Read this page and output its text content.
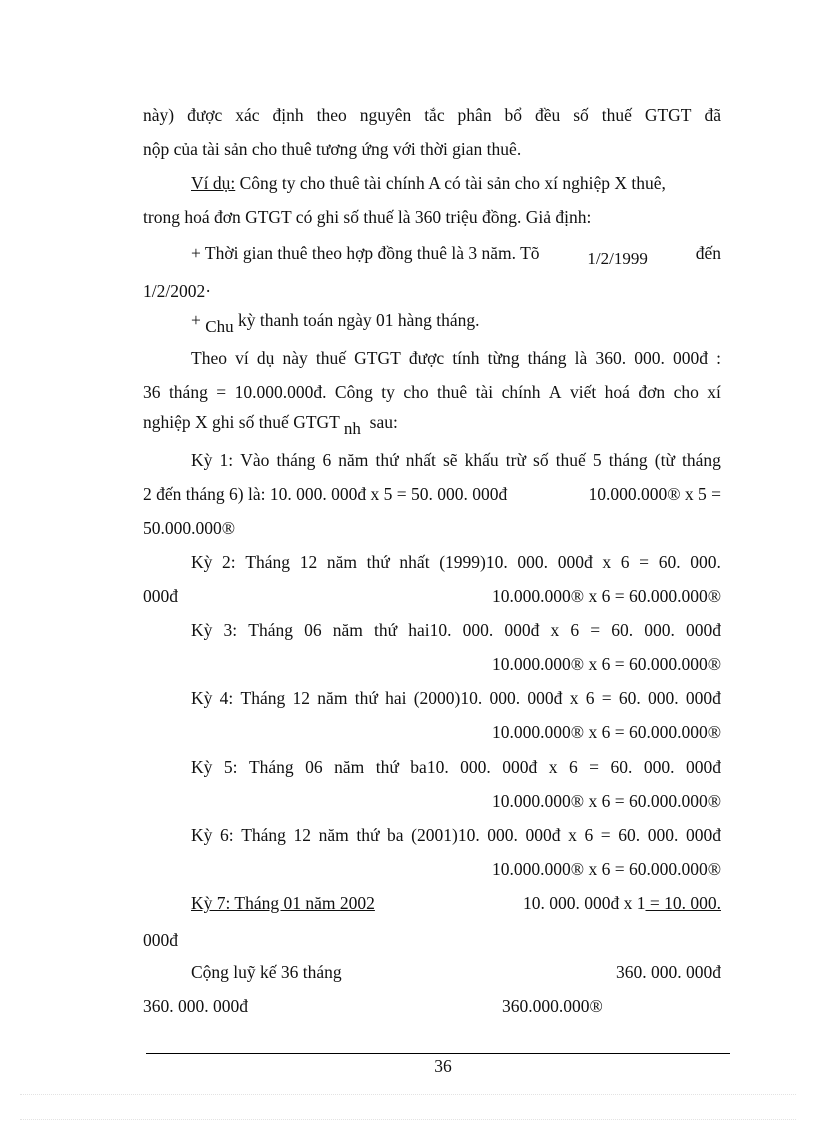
này) được xác định theo nguyên tắc phân bổ đều số thuế GTGT đã
nộp của tài sản cho thuê tương ứng với thời gian thuê.
Ví dụ: Công ty cho thuê tài chính A có tài sản cho xí nghiệp X thuê,
trong hoá đơn GTGT có ghi số thuế là 360 triệu đồng. Giả định:
+ Thời gian thuê theo hợp đồng thuê là 3 năm. Tõ	1/2/1999	đến
1/2/2002·
+ Chu kỳ thanh toán ngày 01 hàng tháng.
Theo ví dụ này thuế GTGT được tính từng tháng là 360. 000. 000đ :
36 tháng = 10.000.000đ. Công ty cho thuê tài chính A viết hoá đơn cho xí
nghiệp X ghi số thuế GTGT nh sau:
Kỳ 1: Vào tháng 6 năm thứ nhất sẽ khấu trừ số thuế 5 tháng (từ tháng
2 đến tháng 6) là: 10. 000. 000đ x 5 = 50. 000. 000đ	10.000.000® x 5 =
50.000.000®
Kỳ 2: Tháng 12 năm thứ nhất (1999)10. 000. 000đ x 6 = 60. 000.
000đ	10.000.000® x 6 = 60.000.000®
Kỳ 3: Tháng 06 năm thứ hai10. 000. 000đ x 6 = 60. 000. 000đ
10.000.000® x 6 = 60.000.000®
Kỳ 4: Tháng 12 năm thứ hai (2000)10. 000. 000đ x 6 = 60. 000. 000đ
10.000.000® x 6 = 60.000.000®
Kỳ 5: Tháng 06 năm thứ ba10. 000. 000đ x 6 = 60. 000. 000đ
10.000.000® x 6 = 60.000.000®
Kỳ 6: Tháng 12 năm thứ ba (2001)10. 000. 000đ x 6 = 60. 000. 000đ
10.000.000® x 6 = 60.000.000®
Kỳ 7: Tháng 01 năm 2002	10. 000. 000đ x 1 = 10. 000.
000đ
Cộng luỹ kế 36 tháng	360. 000. 000đ
360. 000. 000đ	360.000.000®
36
